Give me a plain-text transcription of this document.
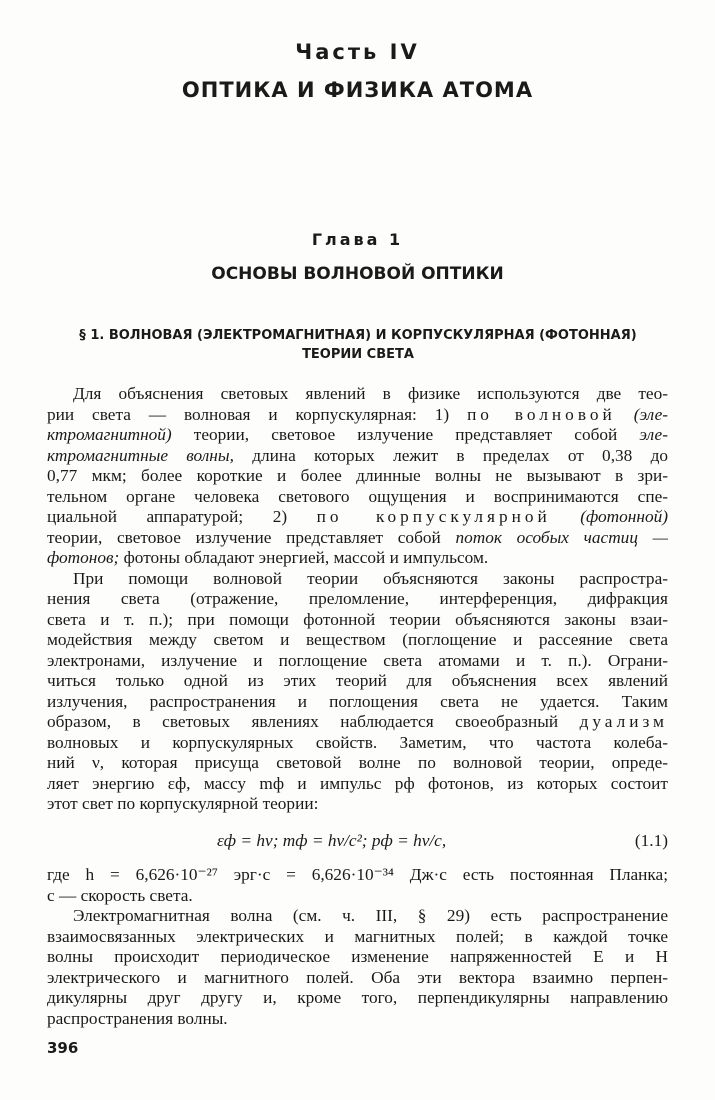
Часть IV
ОПТИКА И ФИЗИКА АТОМА
Глава 1
ОСНОВЫ ВОЛНОВОЙ ОПТИКИ
§ 1. ВОЛНОВАЯ (ЭЛЕКТРОМАГНИТНАЯ) И КОРПУСКУЛЯРНАЯ (ФОТОННАЯ)
ТЕОРИИ СВЕТА
Для объяснения световых явлений в физике используются две тео-
рии света — волновая и корпускулярная: 1) по волновой (эле-
ктромагнитной) теории, световое излучение представляет собой эле-
ктромагнитные волны, длина которых лежит в пределах от 0,38 до
0,77 мкм; более короткие и более длинные волны не вызывают в зри-
тельном органе человека светового ощущения и воспринимаются спе-
циальной аппаратурой; 2) по корпускулярной (фотонной)
теории, световое излучение представляет собой поток особых частиц —
фотонов; фотоны обладают энергией, массой и импульсом.
При помощи волновой теории объясняются законы распростра-
нения света (отражение, преломление, интерференция, дифракция
света и т. п.); при помощи фотонной теории объясняются законы взаи-
модействия между светом и веществом (поглощение и рассеяние света
электронами, излучение и поглощение света атомами и т. п.). Ограни-
читься только одной из этих теорий для объяснения всех явлений
излучения, распространения и поглощения света не удается. Таким
образом, в световых явлениях наблюдается своеобразный дуализм
волновых и корпускулярных свойств. Заметим, что частота колеба-
ний ν, которая присуща световой волне по волновой теории, опреде-
ляет энергию εф, массу mф и импульс pф фотонов, из которых состоит
этот свет по корпускулярной теории:
εф = hν; mф = hν/c²; pф = hν/c,	(1.1)
где h = 6,626·10⁻²⁷ эрг·с = 6,626·10⁻³⁴ Дж·с есть постоянная Планка;
c — скорость света.
Электромагнитная волна (см. ч. III, § 29) есть распространение
взаимосвязанных электрических и магнитных полей; в каждой точке
волны происходит периодическое изменение напряженностей E и H
электрического и магнитного полей. Оба эти вектора взаимно перпен-
дикулярны друг другу и, кроме того, перпендикулярны направлению
распространения волны.
396
